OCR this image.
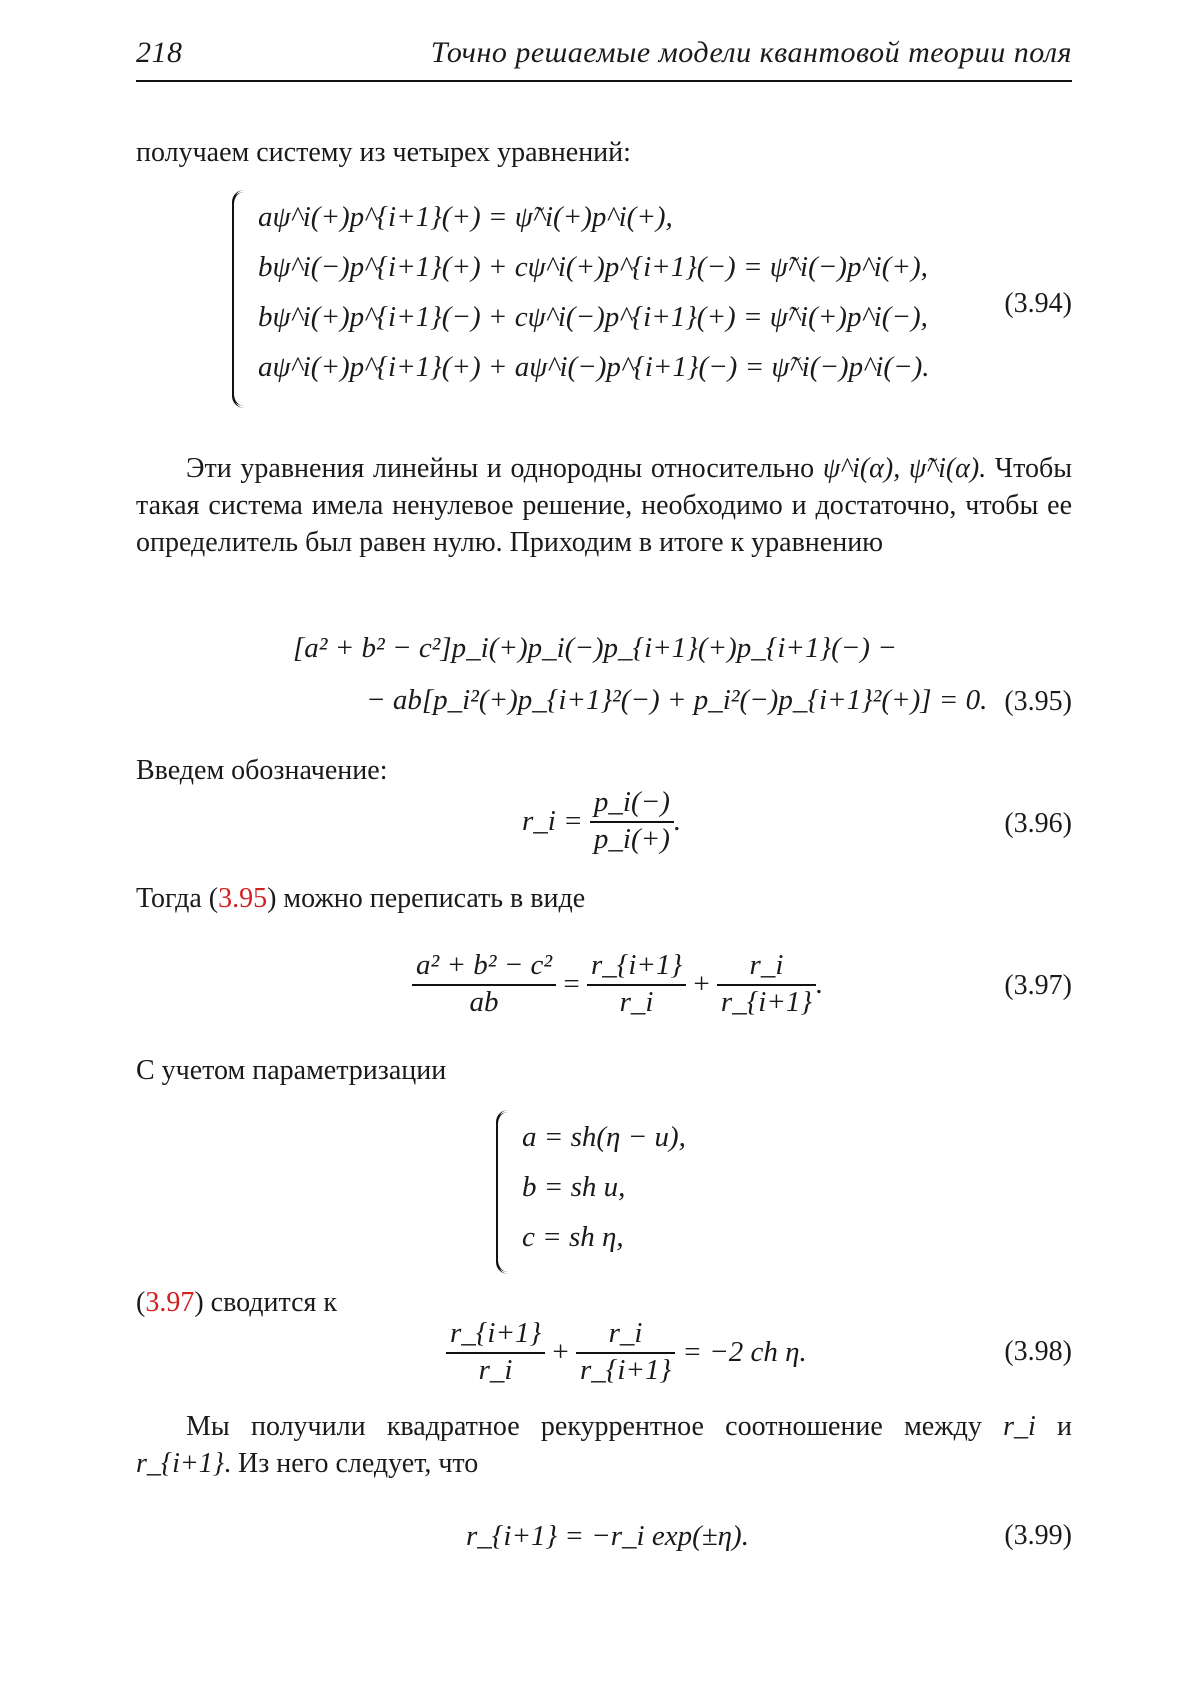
218	Точно решаемые модели квантовой теории поля
получаем систему из четырех уравнений:
aψ^i(+)p^{i+1}(+) = ψ̃^i(+)p^i(+),
bψ^i(−)p^{i+1}(+) + cψ^i(+)p^{i+1}(−) = ψ̃^i(−)p^i(+),
bψ^i(+)p^{i+1}(−) + cψ^i(−)p^{i+1}(+) = ψ̃^i(+)p^i(−),
aψ^i(+)p^{i+1}(+) + aψ^i(−)p^{i+1}(−) = ψ̃^i(−)p^i(−).
(3.94)
Эти уравнения линейны и однородны относительно ψ^i(α), ψ̃^i(α). Чтобы такая система имела ненулевое решение, необходимо и достаточно, чтобы ее определитель был равен нулю. Приходим в итоге к уравнению
[a² + b² − c²]p_i(+)p_i(−)p_{i+1}(+)p_{i+1}(−) −
− ab[p_i²(+)p_{i+1}²(−) + p_i²(−)p_{i+1}²(+)] = 0. (3.95)
Введем обозначение:
r_i =

p_i(−)
p_i(+)
.	(3.96)
Тогда (3.95) можно переписать в виде
a² + b² − c²
ab

=

r_{i+1}
r_i

+

r_i
r_{i+1}
.	(3.97)
С учетом параметризации
a = sh(η − u),
b = sh u,
c = sh η,
(3.97) сводится к
r_{i+1}
r_i

+

r_i
r_{i+1}

= −2 ch η.	(3.98)
Мы получили квадратное рекуррентное соотношение между r_i и r_{i+1}. Из него следует, что
r_{i+1} = −r_i exp(±η).	(3.99)
